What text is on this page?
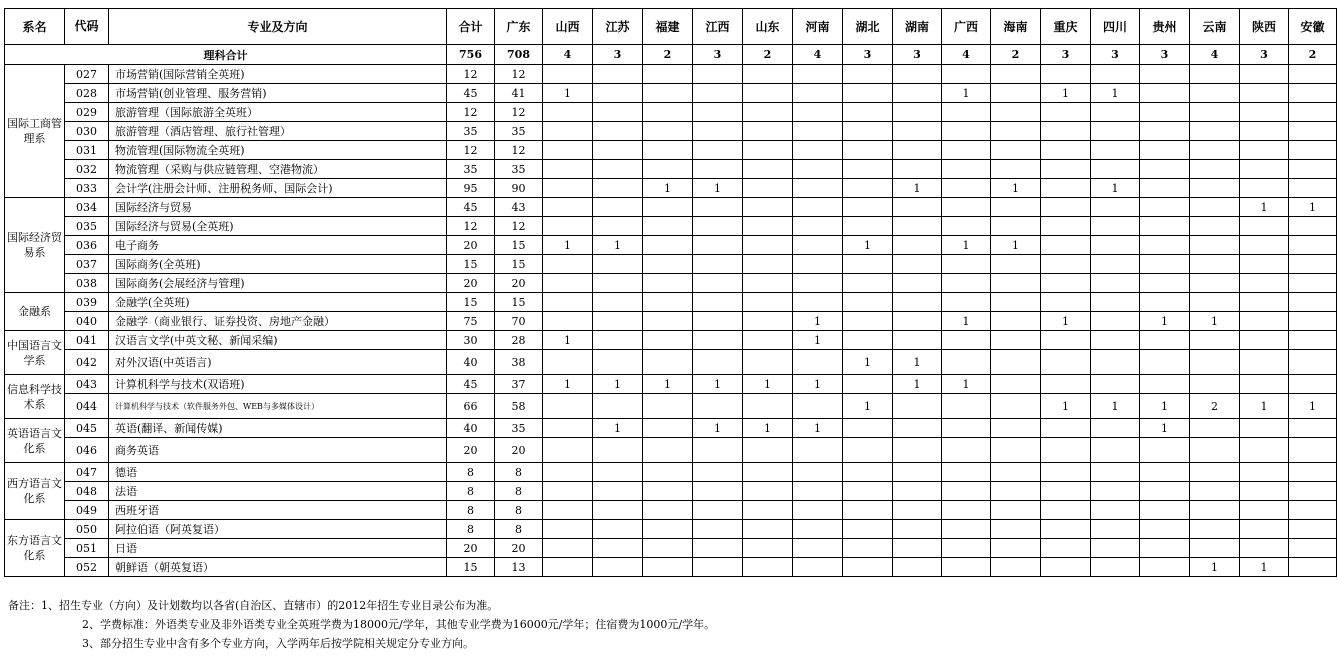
系名	代码	专业及方向	合计	广东	山西	江苏	福建	江西	山东	河南	湖北	湖南	广西	海南	重庆	四川	贵州	云南	陕西	安徽
理科合计			756	708	4	3	2	3	2	4	3	3	4	2	3	3	3	4	3	2
国际工商管理系	027	市场营销(国际营销全英班)	12	12																
	028	市场营销(创业管理、服务营销)	45	41	1								1		1	1				
	029	旅游管理（国际旅游全英班）	12	12																
	030	旅游管理（酒店管理、旅行社管理）	35	35																
	031	物流管理(国际物流全英班)	12	12																
	032	物流管理（采购与供应链管理、空港物流）	35	35																
	033	会计学(注册会计师、注册税务师、国际会计)	95	90			1	1				1		1		1				
国际经济贸易系	034	国际经济与贸易	45	43															1	1
	035	国际经济与贸易(全英班)	12	12																
	036	电子商务	20	15	1	1					1		1	1						
	037	国际商务(全英班)	15	15																
	038	国际商务(会展经济与管理)	20	20																
金融系	039	金融学(全英班)	15	15																
	040	金融学（商业银行、证券投资、房地产金融）	75	70						1			1		1		1	1		
中国语言文学系	041	汉语言文学(中英文秘、新闻采编)	30	28	1					1										
	042	对外汉语(中英语言)	40	38							1	1								
信息科学技术系	043	计算机科学与技术(双语班)	45	37	1	1	1	1	1	1		1	1							
	044	计算机科学与技术（软件服务外包、WEB与多媒体设计）	66	58							1				1	1	1	2	1	1
英语语言文化系	045	英语(翻译、新闻传媒)	40	35		1		1	1	1							1			
	046	商务英语	20	20																
西方语言文化系	047	德语	8	8																
	048	法语	8	8																
	049	西班牙语	8	8																
东方语言文化系	050	阿拉伯语（阿英复语）	8	8																
	051	日语	20	20																
	052	朝鲜语（朝英复语）	15	13														1	1	
备注：1、招生专业（方向）及计划数均以各省(自治区、直辖市）的2012年招生专业目录公布为准。
2、学费标准：外语类专业及非外语类专业全英班学费为18000元/学年，其他专业学费为16000元/学年；住宿费为1000元/学年。
3、部分招生专业中含有多个专业方向，入学两年后按学院相关规定分专业方向。
